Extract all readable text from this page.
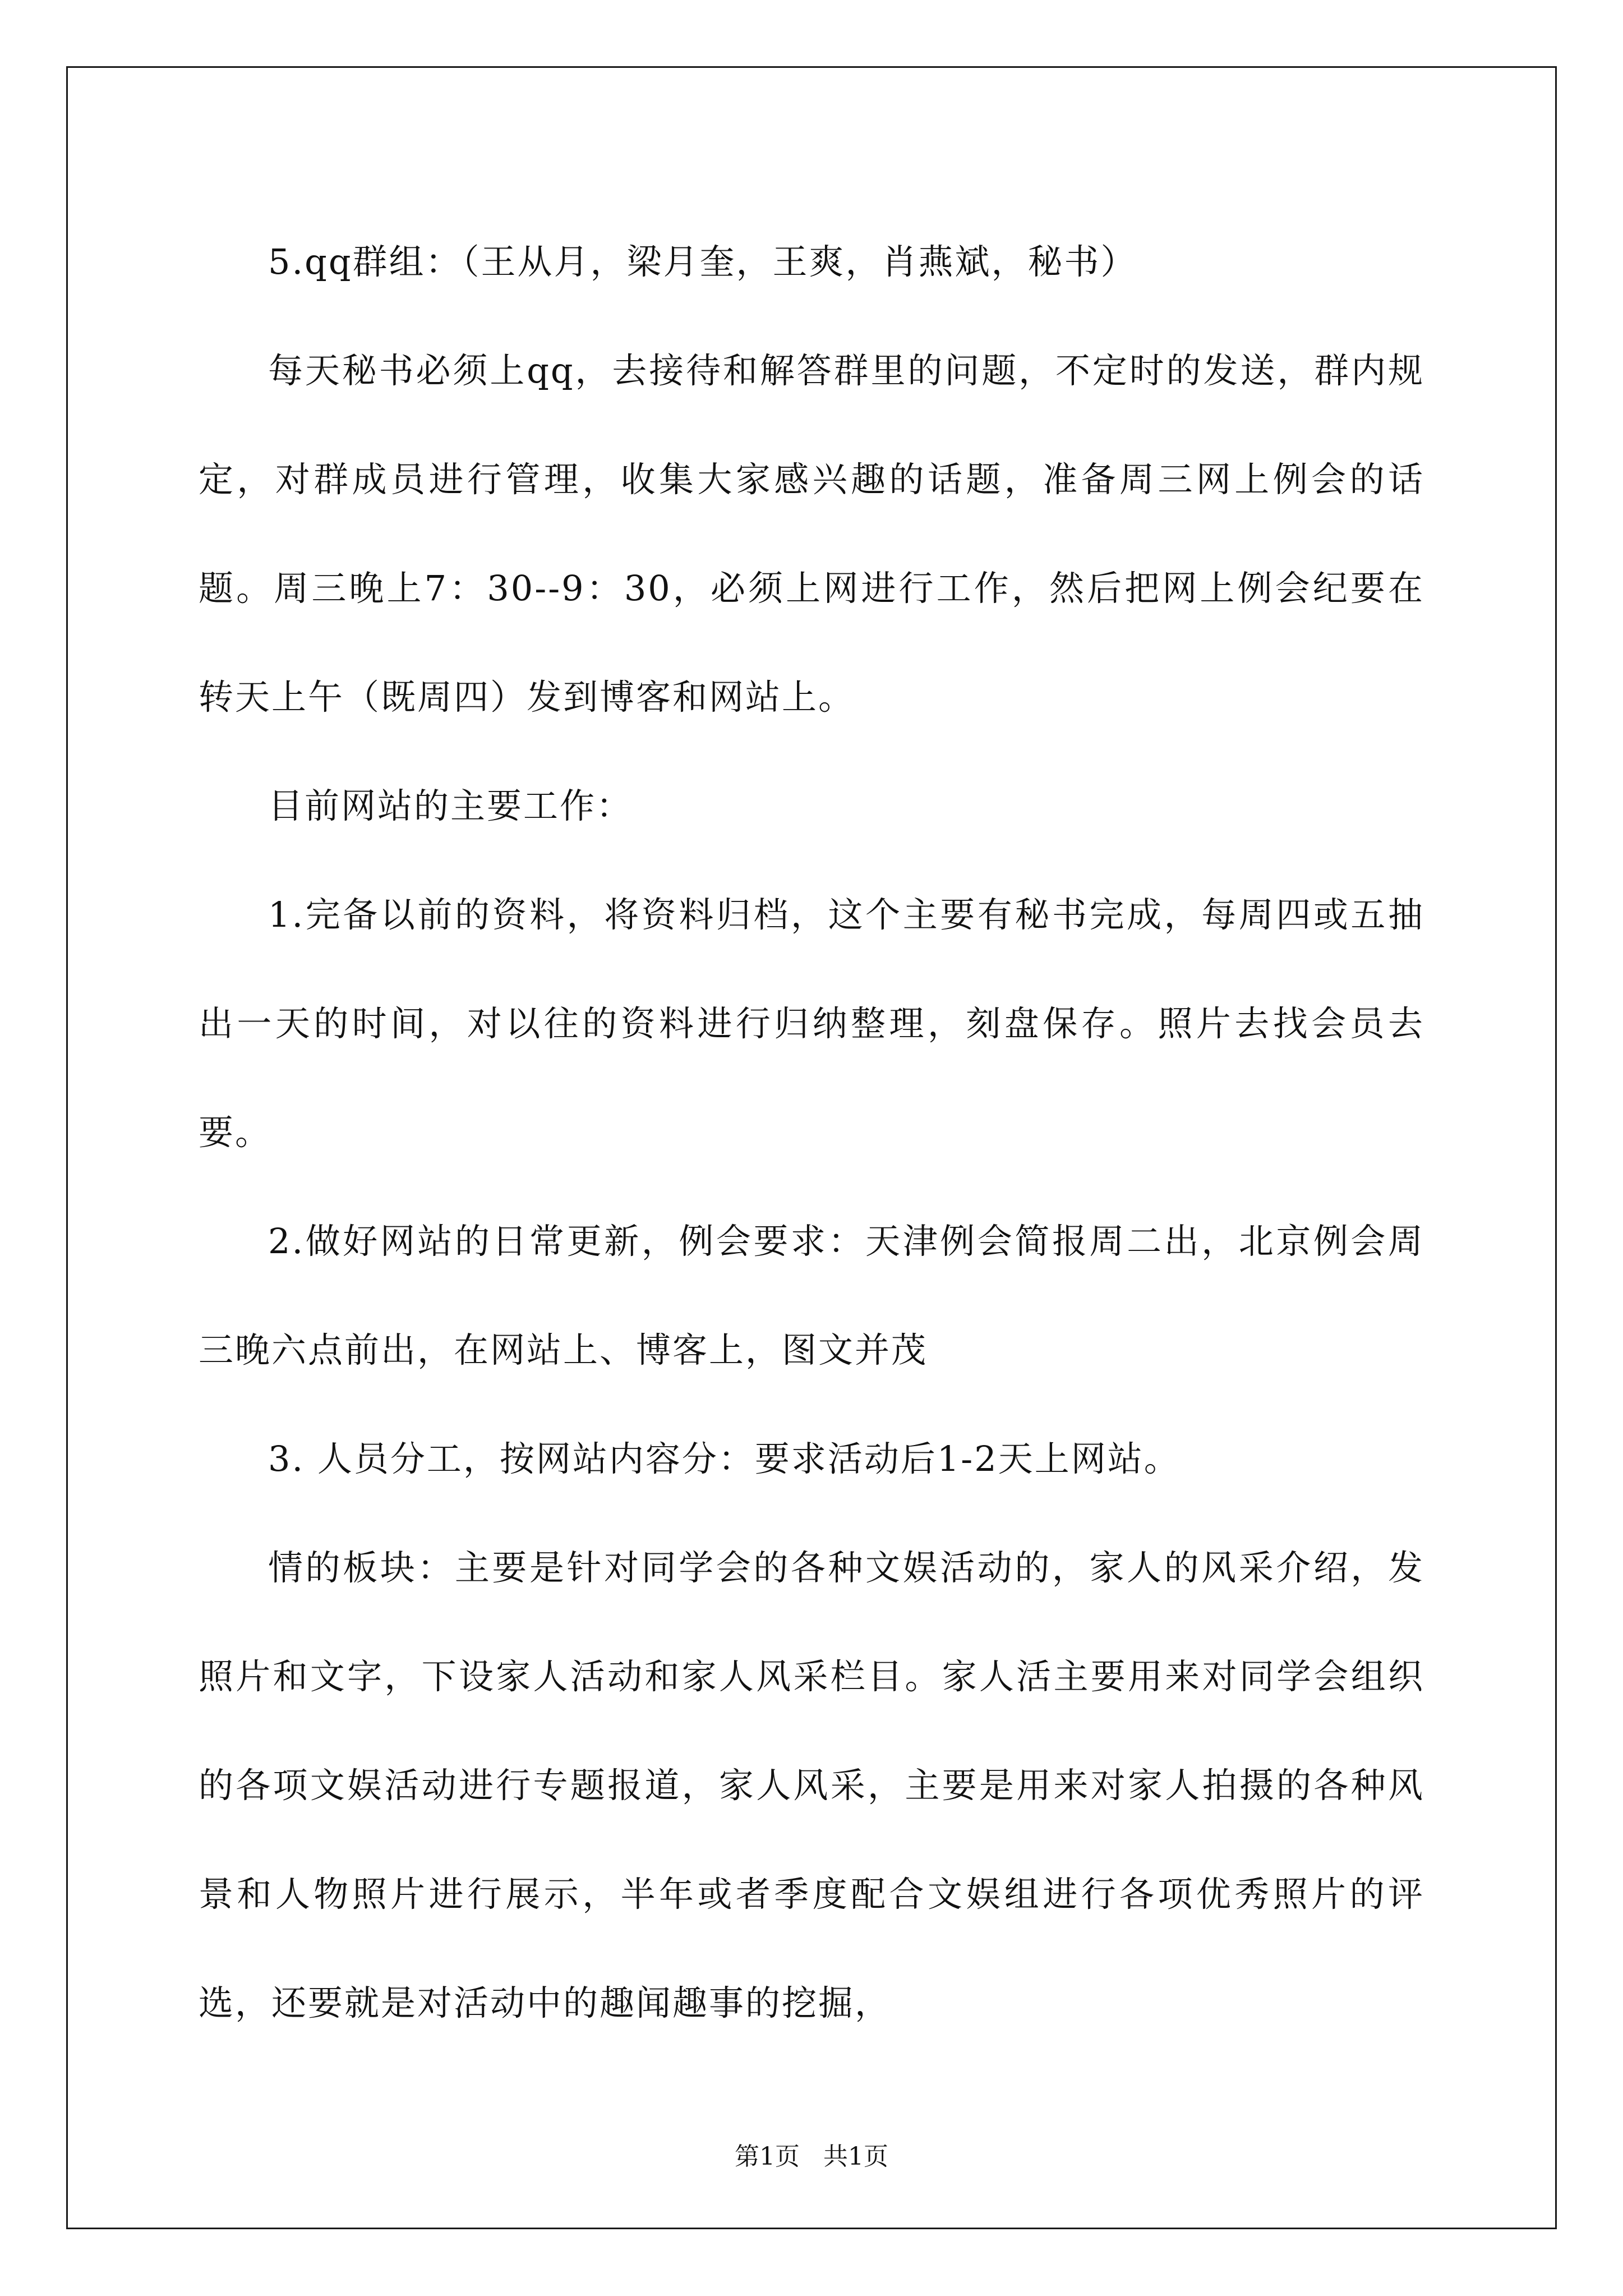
5.qq群组：（王从月，梁月奎，王爽，肖燕斌，秘书）

每天秘书必须上qq，去接待和解答群里的问题，不定时的发送，群内规定，对群成员进行管理，收集大家感兴趣的话题，准备周三网上例会的话题。周三晚上7：30--9：30，必须上网进行工作，然后把网上例会纪要在转天上午（既周四）发到博客和网站上。

目前网站的主要工作：

1.完备以前的资料，将资料归档，这个主要有秘书完成，每周四或五抽出一天的时间，对以往的资料进行归纳整理，刻盘保存。照片去找会员去要。

2.做好网站的日常更新，例会要求：天津例会简报周二出，北京例会周三晚六点前出，在网站上、博客上，图文并茂

3. 人员分工，按网站内容分：要求活动后1-2天上网站。

情的板块：主要是针对同学会的各种文娱活动的，家人的风采介绍，发照片和文字，下设家人活动和家人风采栏目。家人活主要用来对同学会组织的各项文娱活动进行专题报道，家人风采，主要是用来对家人拍摄的各种风景和人物照片进行展示，半年或者季度配合文娱组进行各项优秀照片的评选，还要就是对活动中的趣闻趣事的挖掘，

第1页 共1页
